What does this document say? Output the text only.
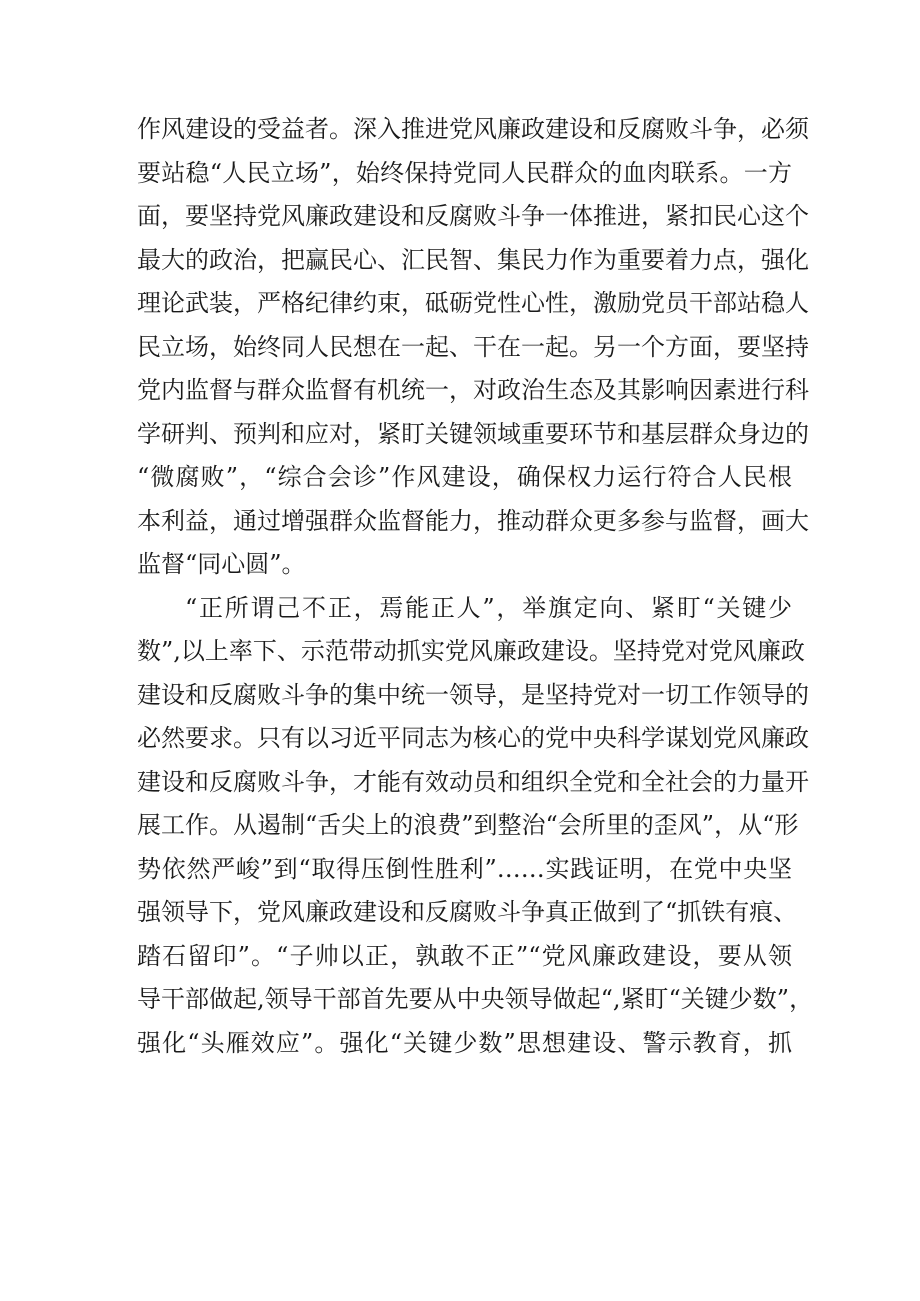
作风建设的受益者。深入推进党风廉政建设和反腐败斗争，必须
要站稳“人民立场”，始终保持党同人民群众的血肉联系。一方
面，要坚持党风廉政建设和反腐败斗争一体推进，紧扣民心这个
最大的政治，把赢民心、汇民智、集民力作为重要着力点，强化
理论武装，严格纪律约束，砥砺党性心性，激励党员干部站稳人
民立场，始终同人民想在一起、干在一起。另一个方面，要坚持
党内监督与群众监督有机统一，对政治生态及其影响因素进行科
学研判、预判和应对，紧盯关键领域重要环节和基层群众身边的
“微腐败”，“综合会诊”作风建设，确保权力运行符合人民根
本利益，通过增强群众监督能力，推动群众更多参与监督，画大
监督“同心圆”。
“正所谓己不正，焉能正人”，举旗定向、紧盯“关键少
数”,以上率下、示范带动抓实党风廉政建设。坚持党对党风廉政
建设和反腐败斗争的集中统一领导，是坚持党对一切工作领导的
必然要求。只有以习近平同志为核心的党中央科学谋划党风廉政
建设和反腐败斗争，才能有效动员和组织全党和全社会的力量开
展工作。从遏制“舌尖上的浪费”到整治“会所里的歪风”，从“形
势依然严峻”到“取得压倒性胜利”……实践证明，在党中央坚
强领导下，党风廉政建设和反腐败斗争真正做到了“抓铁有痕、
踏石留印”。“子帅以正，孰敢不正”“党风廉政建设，要从领
导干部做起,领导干部首先要从中央领导做起“,紧盯“关键少数”，
强化“头雁效应”。强化“关键少数”思想建设、警示教育，抓
